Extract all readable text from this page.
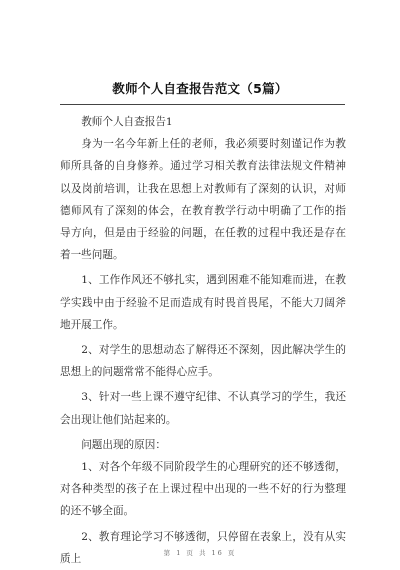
教师个人自查报告范文（5篇）

教师个人自查报告1

身为一名今年新上任的老师，我必须要时刻谨记作为教师所具备的自身修养。通过学习相关教育法律法规文件精神以及岗前培训，让我在思想上对教师有了深刻的认识，对师德师风有了深刻的体会，在教育教学行动中明确了工作的指导方向，但是由于经验的问题，在任教的过程中我还是存在着一些问题。

1、工作作风还不够扎实，遇到困难不能知难而进，在教学实践中由于经验不足而造成有时畏首畏尾，不能大刀阔斧地开展工作。

2、对学生的思想动态了解得还不深刻，因此解决学生的思想上的问题常常不能得心应手。

3、针对一些上课不遵守纪律、不认真学习的学生，我还会出现让他们站起来的。

问题出现的原因：

1、对各个年级不同阶段学生的心理研究的还不够透彻，对各种类型的孩子在上课过程中出现的一些不好的行为整理的还不够全面。

2、教育理论学习不够透彻，只停留在表象上，没有从实质上	第 1 页 共 16 页
